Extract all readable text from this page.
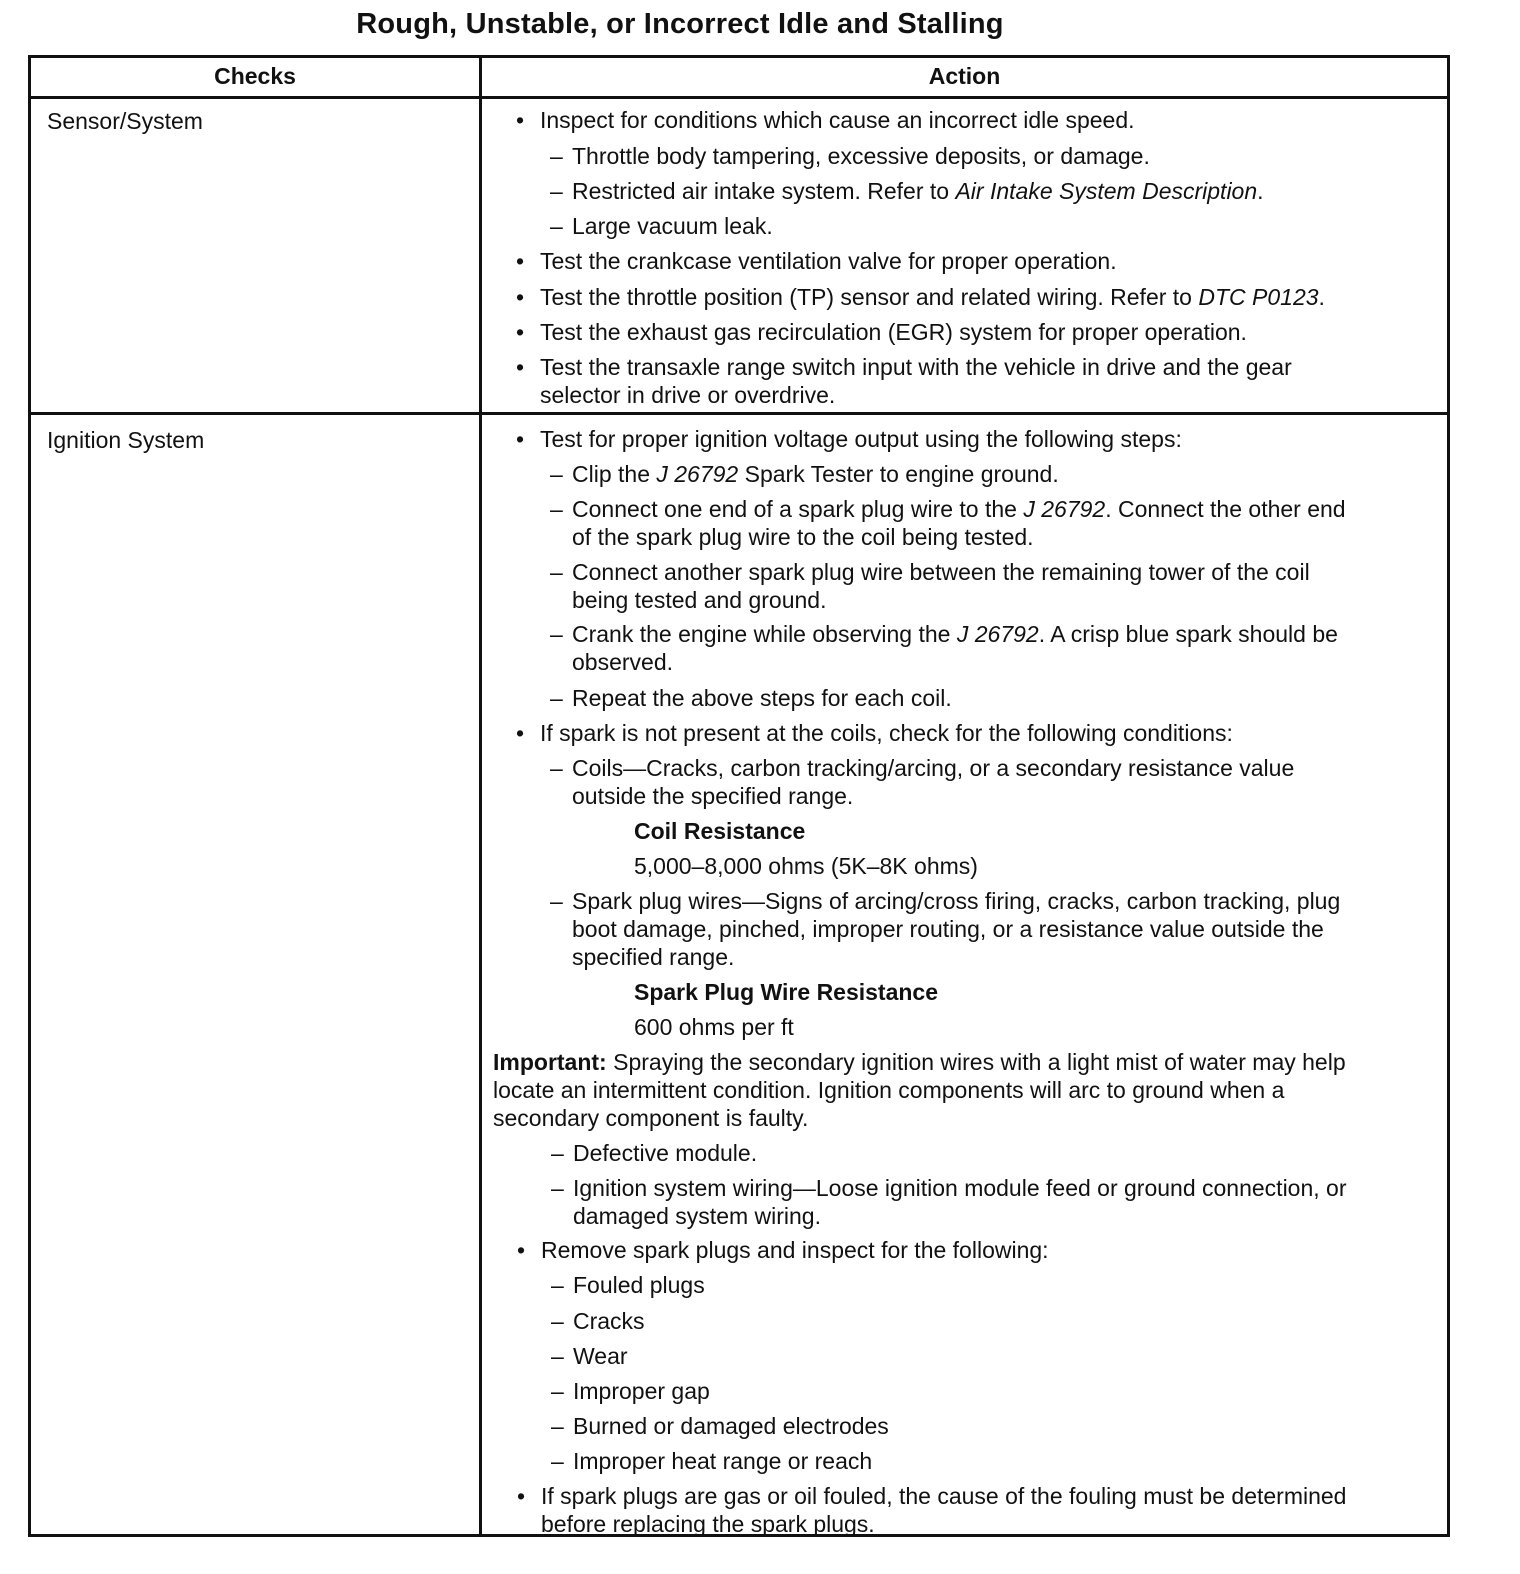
Rough, Unstable, or Incorrect Idle and Stalling
Checks	Action
Sensor/System	• Inspect for conditions which cause an incorrect idle speed.
– Throttle body tampering, excessive deposits, or damage.
– Restricted air intake system. Refer to Air Intake System Description.
– Large vacuum leak.
• Test the crankcase ventilation valve for proper operation.
• Test the throttle position (TP) sensor and related wiring. Refer to DTC P0123.
• Test the exhaust gas recirculation (EGR) system for proper operation.
• Test the transaxle range switch input with the vehicle in drive and the gear
selector in drive or overdrive.
Ignition System	• Test for proper ignition voltage output using the following steps:
– Clip the J 26792 Spark Tester to engine ground.
– Connect one end of a spark plug wire to the J 26792. Connect the other end
of the spark plug wire to the coil being tested.
– Connect another spark plug wire between the remaining tower of the coil
being tested and ground.
– Crank the engine while observing the J 26792. A crisp blue spark should be
observed.
– Repeat the above steps for each coil.
• If spark is not present at the coils, check for the following conditions:
– Coils—Cracks, carbon tracking/arcing, or a secondary resistance value
outside the specified range.
Coil Resistance
5,000–8,000 ohms (5K–8K ohms)
– Spark plug wires—Signs of arcing/cross firing, cracks, carbon tracking, plug
boot damage, pinched, improper routing, or a resistance value outside the
specified range.
Spark Plug Wire Resistance
600 ohms per ft
Important: Spraying the secondary ignition wires with a light mist of water may help
locate an intermittent condition. Ignition components will arc to ground when a
secondary component is faulty.
– Defective module.
– Ignition system wiring—Loose ignition module feed or ground connection, or
damaged system wiring.
• Remove spark plugs and inspect for the following:
– Fouled plugs
– Cracks
– Wear
– Improper gap
– Burned or damaged electrodes
– Improper heat range or reach
• If spark plugs are gas or oil fouled, the cause of the fouling must be determined
before replacing the spark plugs.
